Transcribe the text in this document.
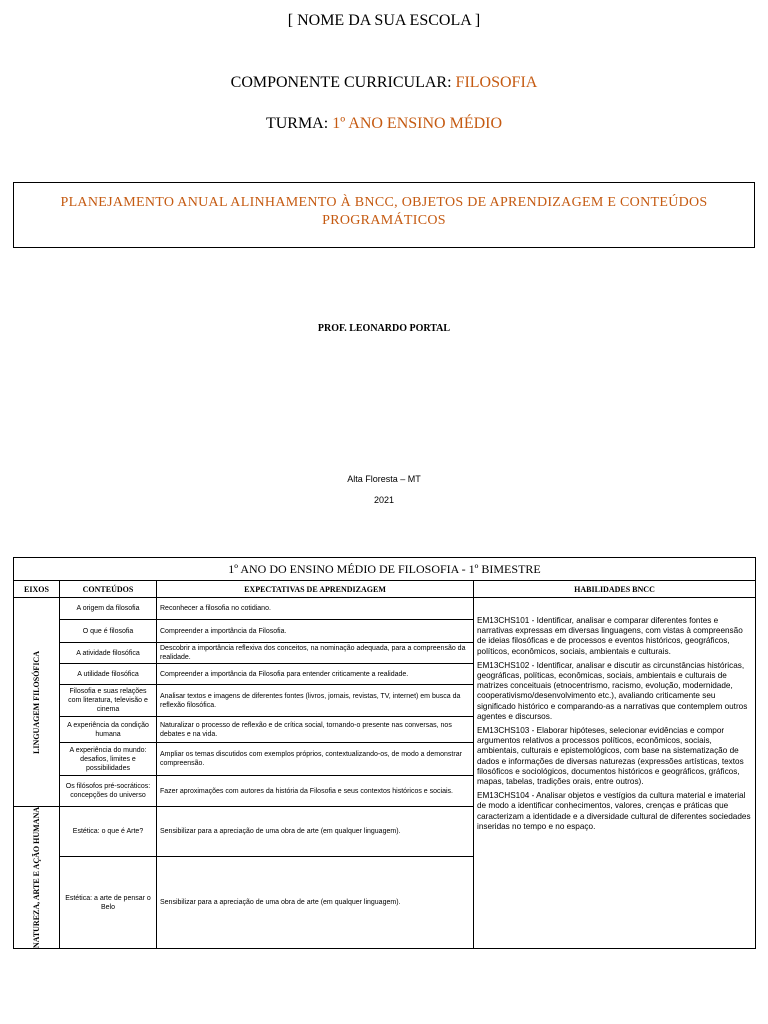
[ NOME DA SUA ESCOLA ]
COMPONENTE CURRICULAR: FILOSOFIA
TURMA: 1º ANO ENSINO MÉDIO
PLANEJAMENTO ANUAL ALINHAMENTO À BNCC, OBJETOS DE APRENDIZAGEM E CONTEÚDOS PROGRAMÁTICOS
PROF. LEONARDO PORTAL
Alta Floresta – MT
2021
1º ANO DO ENSINO MÉDIO DE FILOSOFIA - 1º BIMESTRE			
EIXOS	CONTEÚDOS	EXPECTATIVAS DE APRENDIZAGEM	HABILIDADES BNCC

LINGUAGEM FILOSÓFICA	A origem da filosofia	Reconhecer a filosofia no cotidiano.	EM13CHS101 - Identificar, analisar e comparar diferentes fontes e narrativas expressas em diversas linguagens, com vistas à compreensão de ideias filosóficas e de processos e eventos históricos, geográficos, políticos, econômicos, sociais, ambientais e culturais.

EM13CHS102 - Identificar, analisar e discutir as circunstâncias históricas, geográficas, políticas, econômicas, sociais, ambientais e culturais de matrizes conceituais (etnocentrismo, racismo, evolução, modernidade, cooperativismo/desenvolvimento etc.), avaliando criticamente seu significado histórico e comparando-as a narrativas que contemplem outros agentes e discursos.

EM13CHS103 - Elaborar hipóteses, selecionar evidências e compor argumentos relativos a processos políticos, econômicos, sociais, ambientais, culturais e epistemológicos, com base na sistematização de dados e informações de diversas naturezas (expressões artísticas, textos filosóficos e sociológicos, documentos históricos e geográficos, gráficos, mapas, tabelas, tradições orais, entre outros).

EM13CHS104 - Analisar objetos e vestígios da cultura material e imaterial de modo a identificar conhecimentos, valores, crenças e práticas que caracterizam a identidade e a diversidade cultural de diferentes sociedades inseridas no tempo e no espaço.

	O que é filosofia	Compreender a importância da Filosofia.	
	A atividade filosófica	Descobrir a importância reflexiva dos conceitos, na nominação adequada, para a compreensão da realidade.	
	A utilidade filosófica	Compreender a importância da Filosofia para entender criticamente a realidade.	
	Filosofia e suas relações com literatura, televisão e cinema	Analisar textos e imagens de diferentes fontes (livros, jornais, revistas, TV, internet) em busca da reflexão filosófica.	
	A experiência da condição humana	Naturalizar o processo de reflexão e de crítica social, tornando-o presente nas conversas, nos debates e na vida.	
	A experiência do mundo: desafios, limites e possibilidades	Ampliar os temas discutidos com exemplos próprios, contextualizando-os, de modo a demonstrar compreensão.	
	Os filósofos pré-socráticos: concepções do universo	Fazer aproximações com autores da história da Filosofia e seus contextos históricos e sociais.	

NATUREZA, ARTE E AÇÃO HUMANA	Estética: o que é Arte?	Sensibilizar para a apreciação de uma obra de arte (em qualquer linguagem).	
	Estética: a arte de pensar o Belo	Sensibilizar para a apreciação de uma obra de arte (em qualquer linguagem).	
